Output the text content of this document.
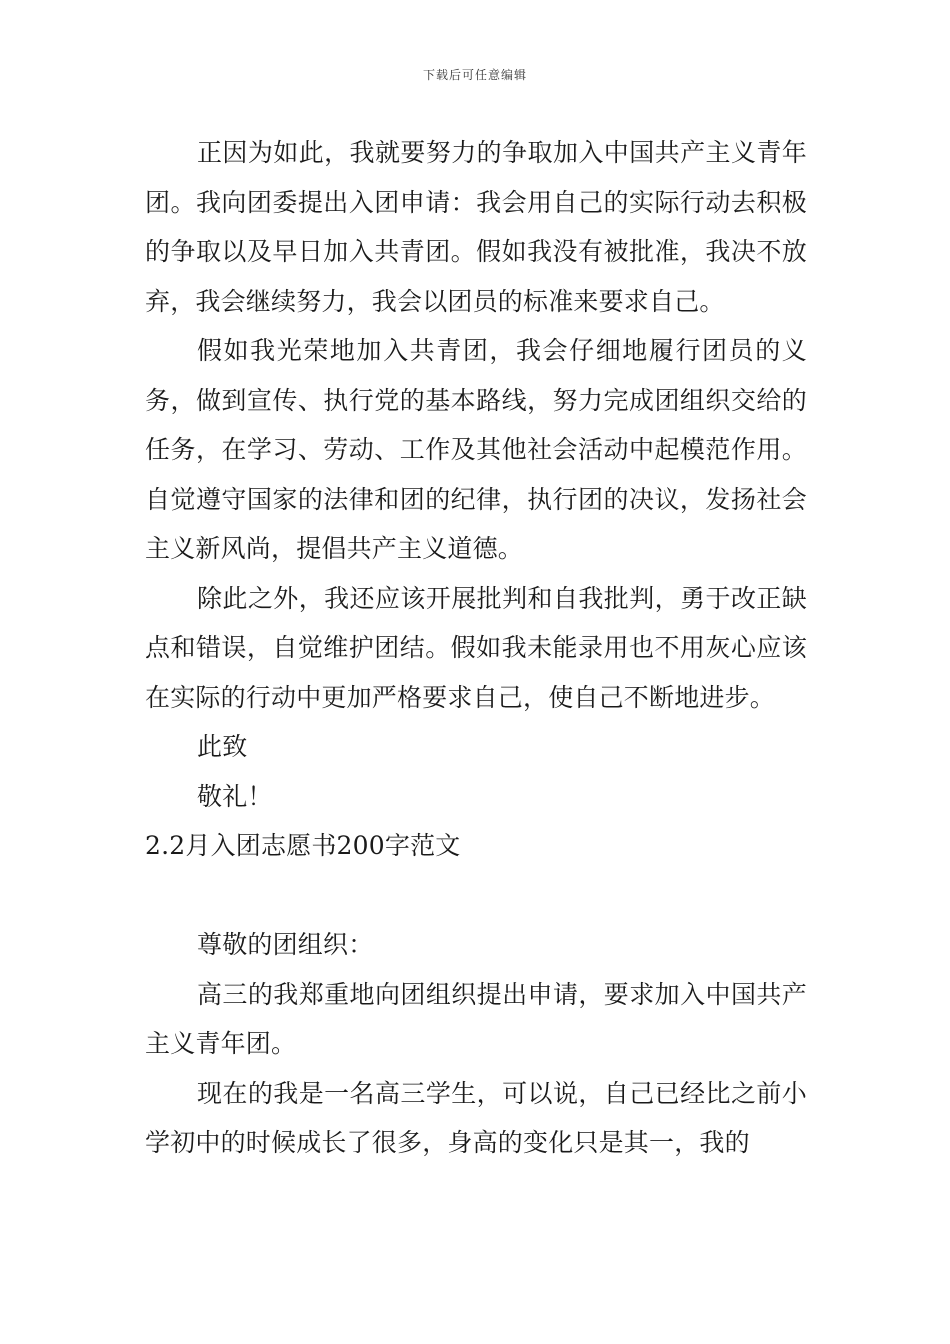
下载后可任意编辑

正因为如此，我就要努力的争取加入中国共产主义青年团。我向团委提出入团申请：我会用自己的实际行动去积极的争取以及早日加入共青团。假如我没有被批准，我决不放弃，我会继续努力，我会以团员的标准来要求自己。

假如我光荣地加入共青团，我会仔细地履行团员的义务，做到宣传、执行党的基本路线，努力完成团组织交给的任务，在学习、劳动、工作及其他社会活动中起模范作用。自觉遵守国家的法律和团的纪律，执行团的决议，发扬社会主义新风尚，提倡共产主义道德。

除此之外，我还应该开展批判和自我批判，勇于改正缺点和错误，自觉维护团结。假如我未能录用也不用灰心应该在实际的行动中更加严格要求自己，使自己不断地进步。

此致

敬礼！

2.2月入团志愿书200字范文

尊敬的团组织：

高三的我郑重地向团组织提出申请，要求加入中国共产主义青年团。

现在的我是一名高三学生，可以说，自己已经比之前小学初中的时候成长了很多，身高的变化只是其一，我的
